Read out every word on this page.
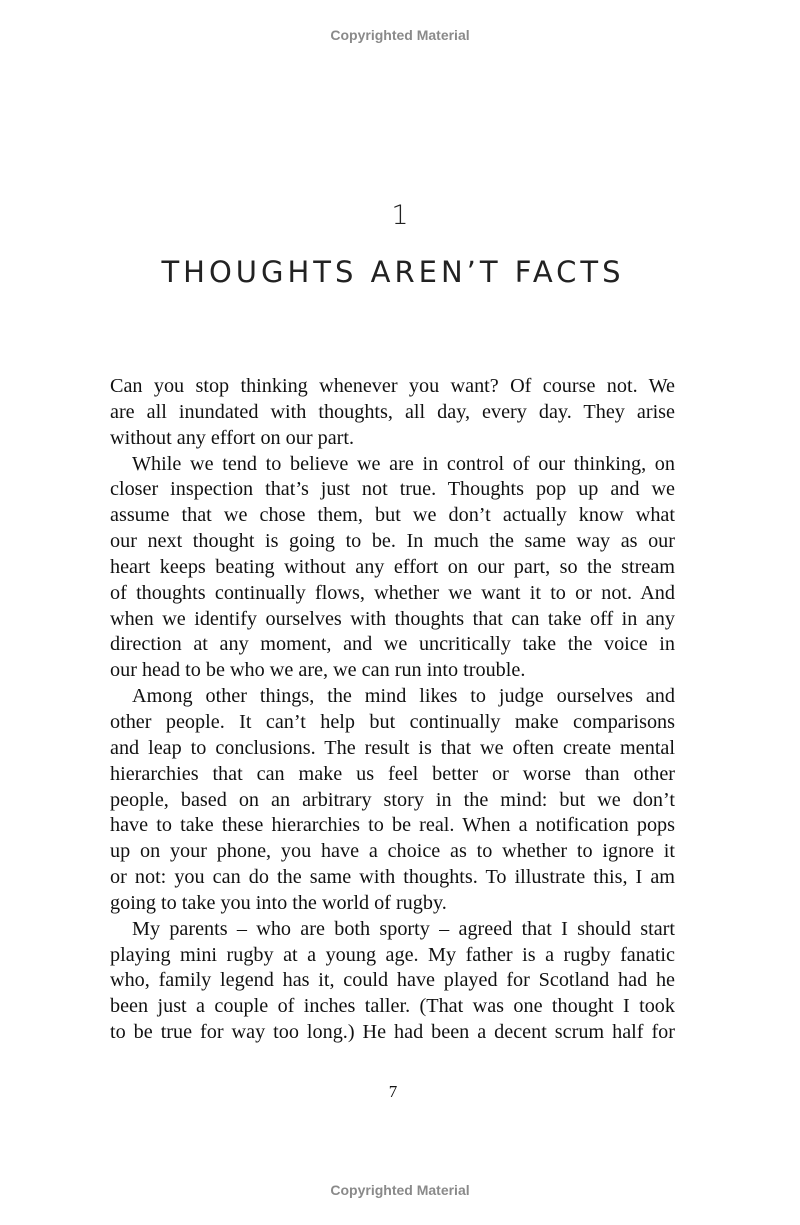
Copyrighted Material
1
THOUGHTS AREN’T FACTS
Can you stop thinking whenever you want? Of course not. We
are all inundated with thoughts, all day, every day. They arise
without any effort on our part.
While we tend to believe we are in control of our thinking, on
closer inspection that’s just not true. Thoughts pop up and we
assume that we chose them, but we don’t actually know what
our next thought is going to be. In much the same way as our
heart keeps beating without any effort on our part, so the stream
of thoughts continually flows, whether we want it to or not. And
when we identify ourselves with thoughts that can take off in any
direction at any moment, and we uncritically take the voice in
our head to be who we are, we can run into trouble.
Among other things, the mind likes to judge ourselves and
other people. It can’t help but continually make comparisons
and leap to conclusions. The result is that we often create mental
hierarchies that can make us feel better or worse than other
people, based on an arbitrary story in the mind: but we don’t
have to take these hierarchies to be real. When a notification pops
up on your phone, you have a choice as to whether to ignore it
or not: you can do the same with thoughts. To illustrate this, I am
going to take you into the world of rugby.
My parents – who are both sporty – agreed that I should start
playing mini rugby at a young age. My father is a rugby fanatic
who, family legend has it, could have played for Scotland had he
been just a couple of inches taller. (That was one thought I took
to be true for way too long.) He had been a decent scrum half for
7
Copyrighted Material
